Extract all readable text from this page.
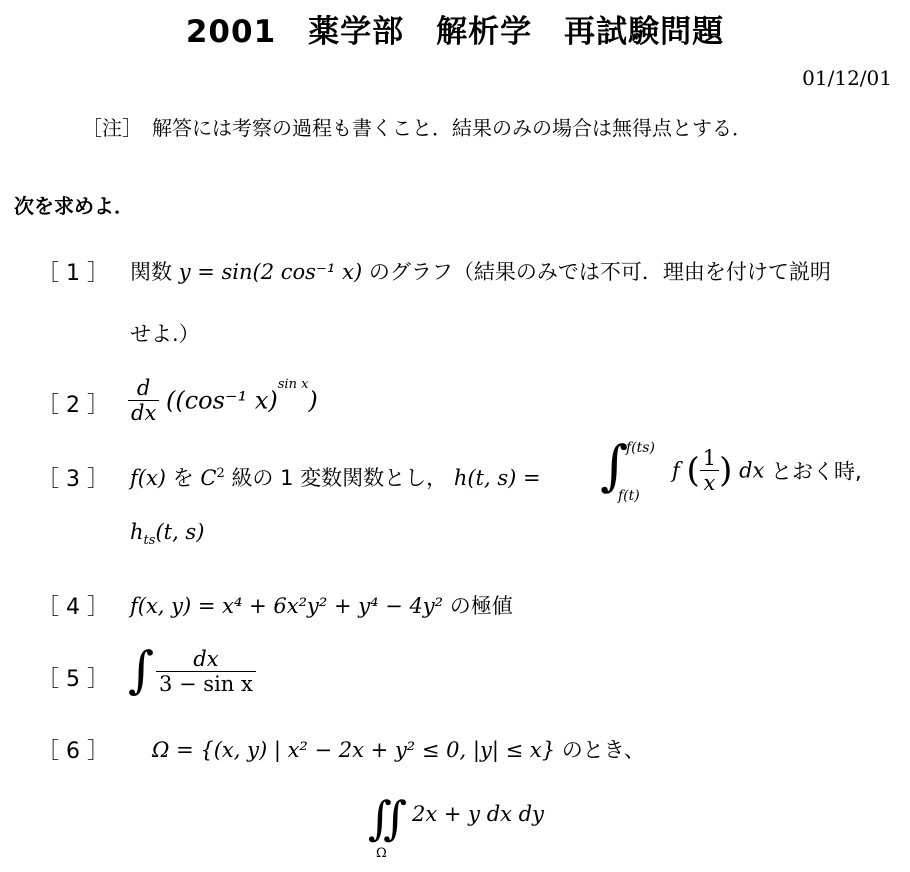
2001　薬学部　解析学　再試験問題
01/12/01
［注］　解答には考察の過程も書くこと．結果のみの場合は無得点とする．
次を求めよ．
［ 1 ］ 関数 y = sin(2 cos⁻¹ x) のグラフ（結果のみでは不可．理由を付けて説明
せよ.）
［ 2 ］ $\frac{d}{dx} ((\cos^{-1}$ x)$^{sin x}$)
［ 3 ］ f(x) を $C^2$ 級の 1 変数関数とし， h(t, s) = ∫
f(ts)
f(t)
f ( $\frac{1}{x}$ ) dx とおく時,
$h_{ts}(t$, s)
［ 4 ］ f(x, y) = x⁴ + 6x²y² + y⁴ − 4y² の極値
［ 5 ］ ∫ $\frac{dx}{\text{3 − sin x}}$
［ 6 ］ Ω = {(x, y) | x² − 2x + y² ≤ 0, |y| ≤ x} のとき、
∬ 2x + y dx dy
Ω
